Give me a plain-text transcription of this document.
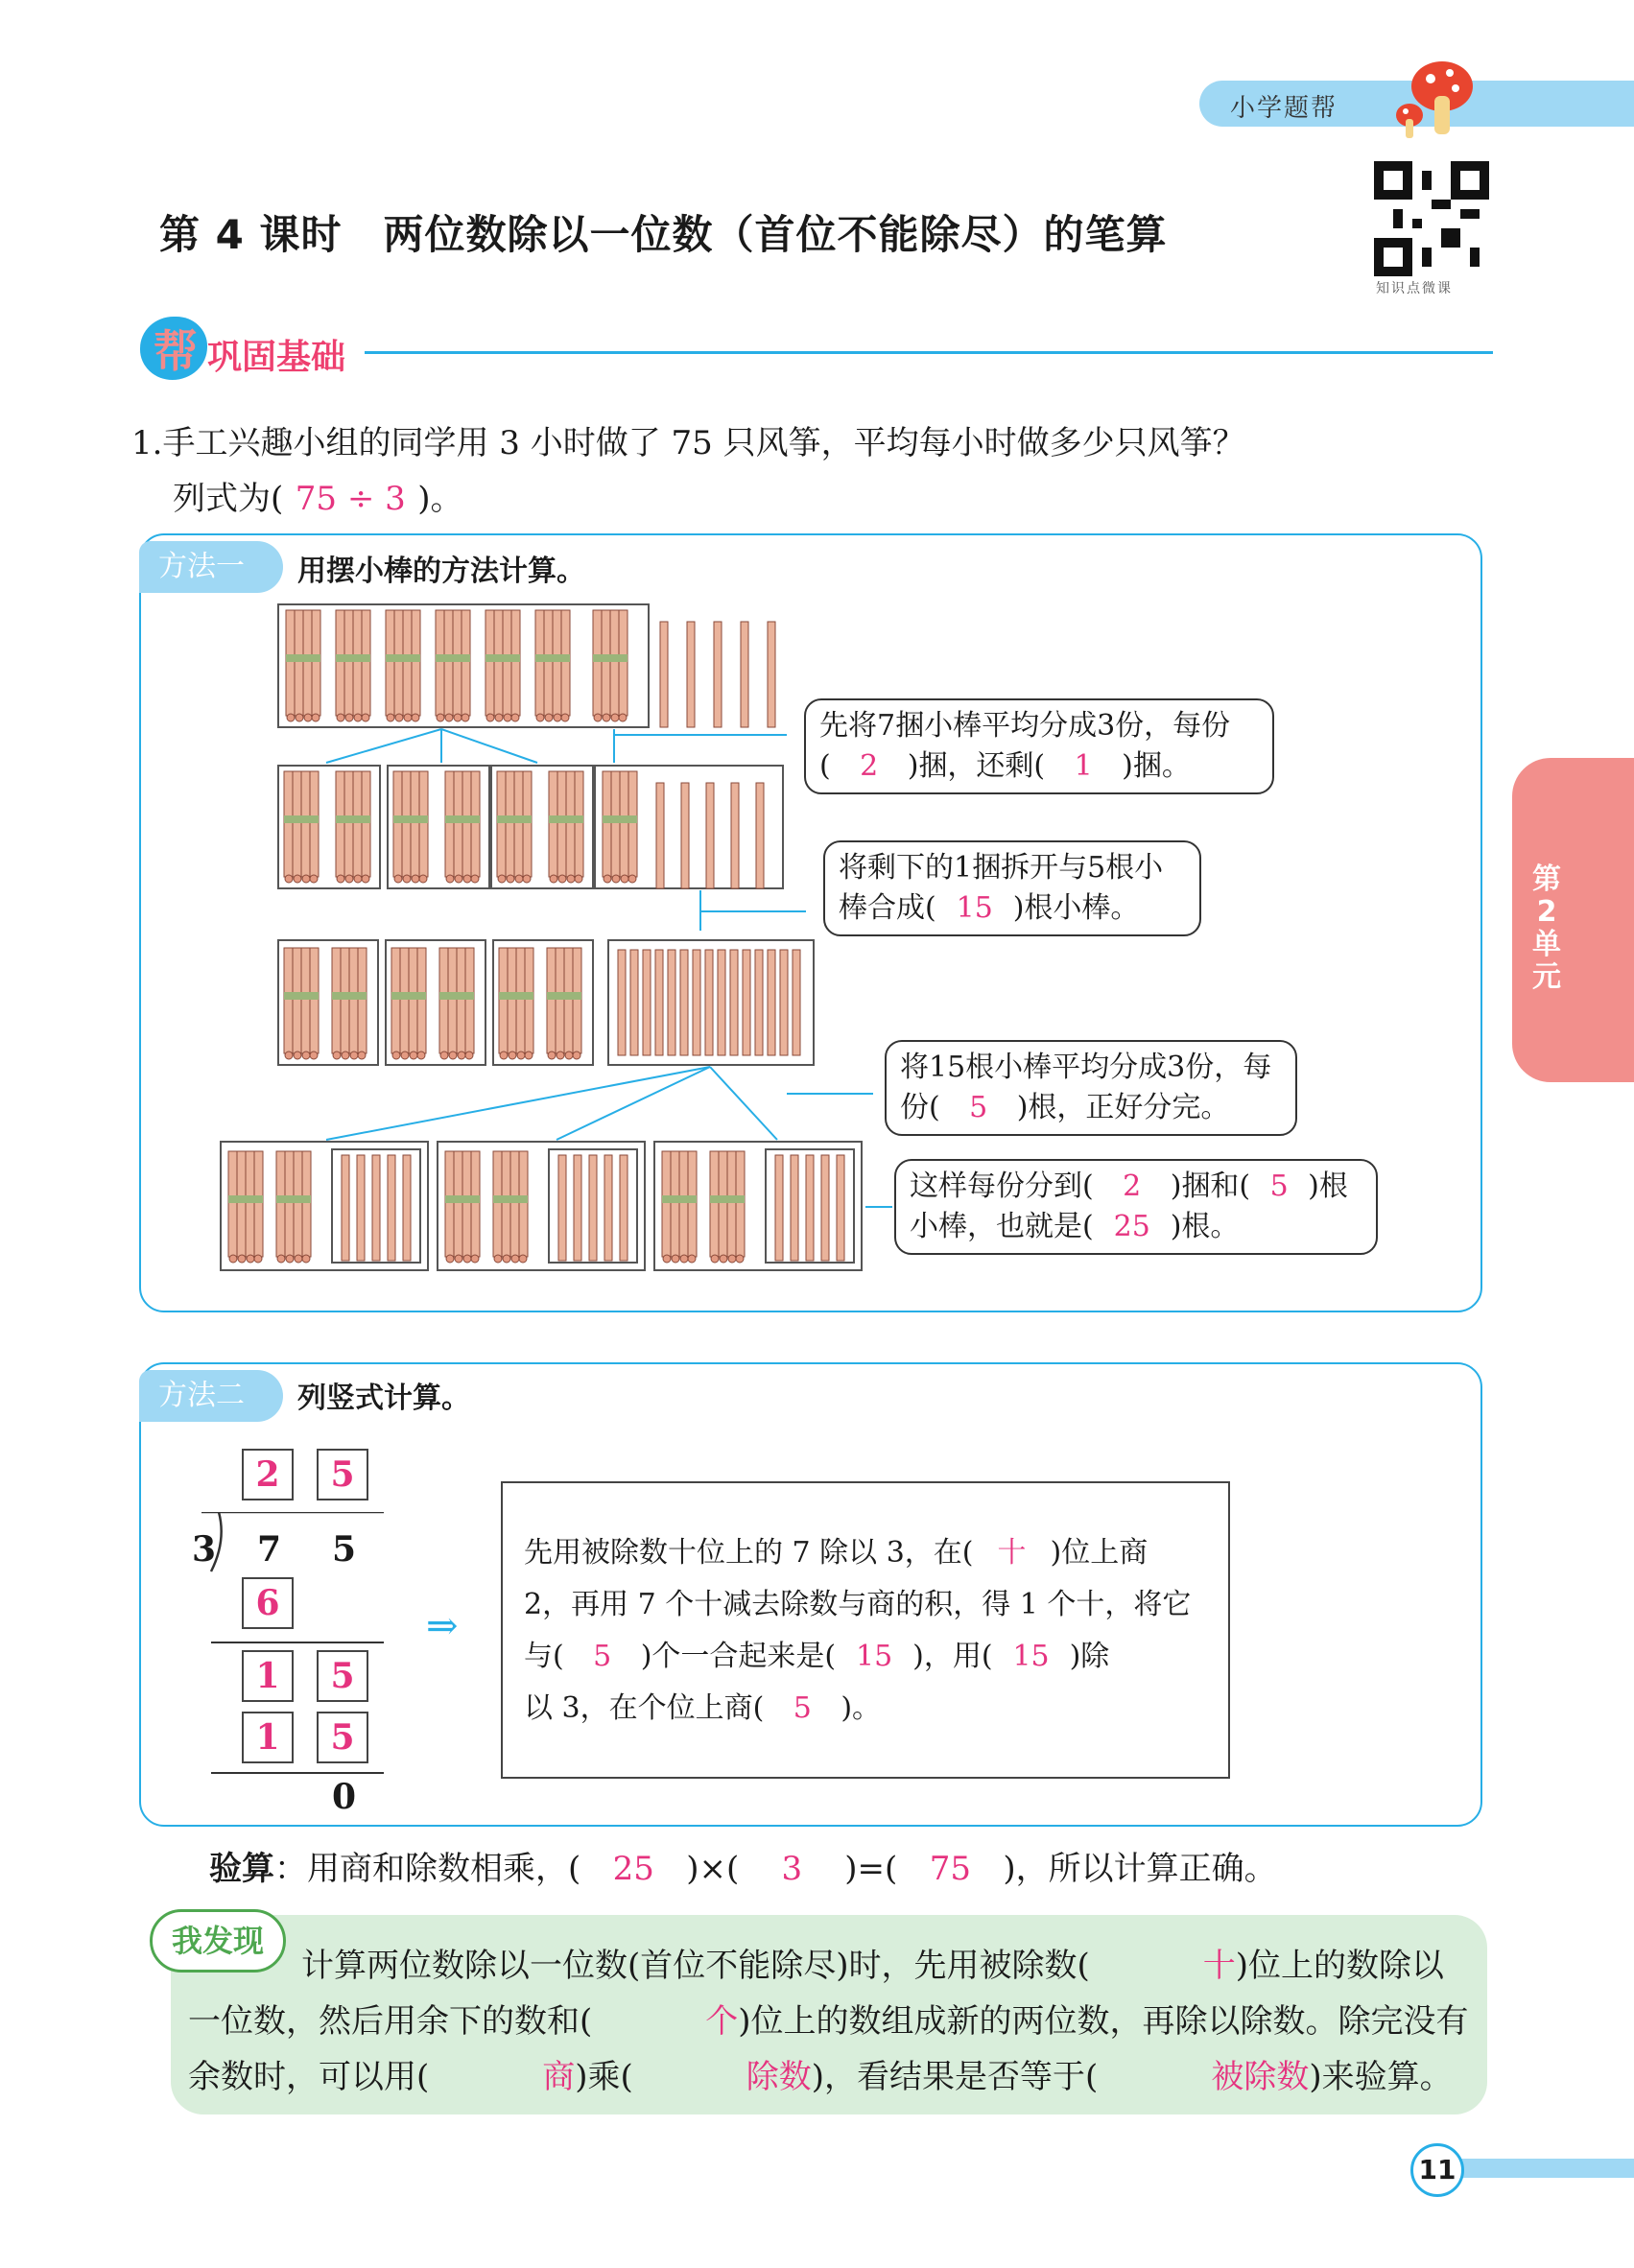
小学题帮
知识点微课
第 4 课时　两位数除以一位数（首位不能除尽）的笔算
帮 巩固基础
1.手工兴趣小组的同学用 3 小时做了 75 只风筝，平均每小时做多少只风筝？
列式为( 75 ÷ 3 )。
方法一	用摆小棒的方法计算。
先将7捆小棒平均分成3份，每份
( 2 )捆，还剩( 1 )捆。
将剩下的1捆拆开与5根小棒合成( 15 )根小棒。
将15根小棒平均分成3份，每份( 5 )根，正好分完。
这样每份分到( 2 )捆和( 5 )根小棒，也就是( 25 )根。
方法二	列竖式计算。
2	5
3 7 5
6
1	5
1	5
0
⇒
先用被除数十位上的 7 除以 3，在( 十 )位上商
2，再用 7 个十减去除数与商的积，得 1 个十，将它
与( 5 )个一合起来是( 15 )，用( 15 )除
以 3，在个位上商( 5 )。
验算：用商和除数相乘，( 25 )×( 3 )=( 75 )，所以计算正确。
我发现
计算两位数除以一位数(首位不能除尽)时，先用被除数(	十)位上的数除以一位数，然后用余下的数和(	个)位上的数组成新的两位数，再除以除数。除完没有余数时，可以用(	商)乘(	除数)，看结果是否等于(	被除数)来验算。
第2单元
11
